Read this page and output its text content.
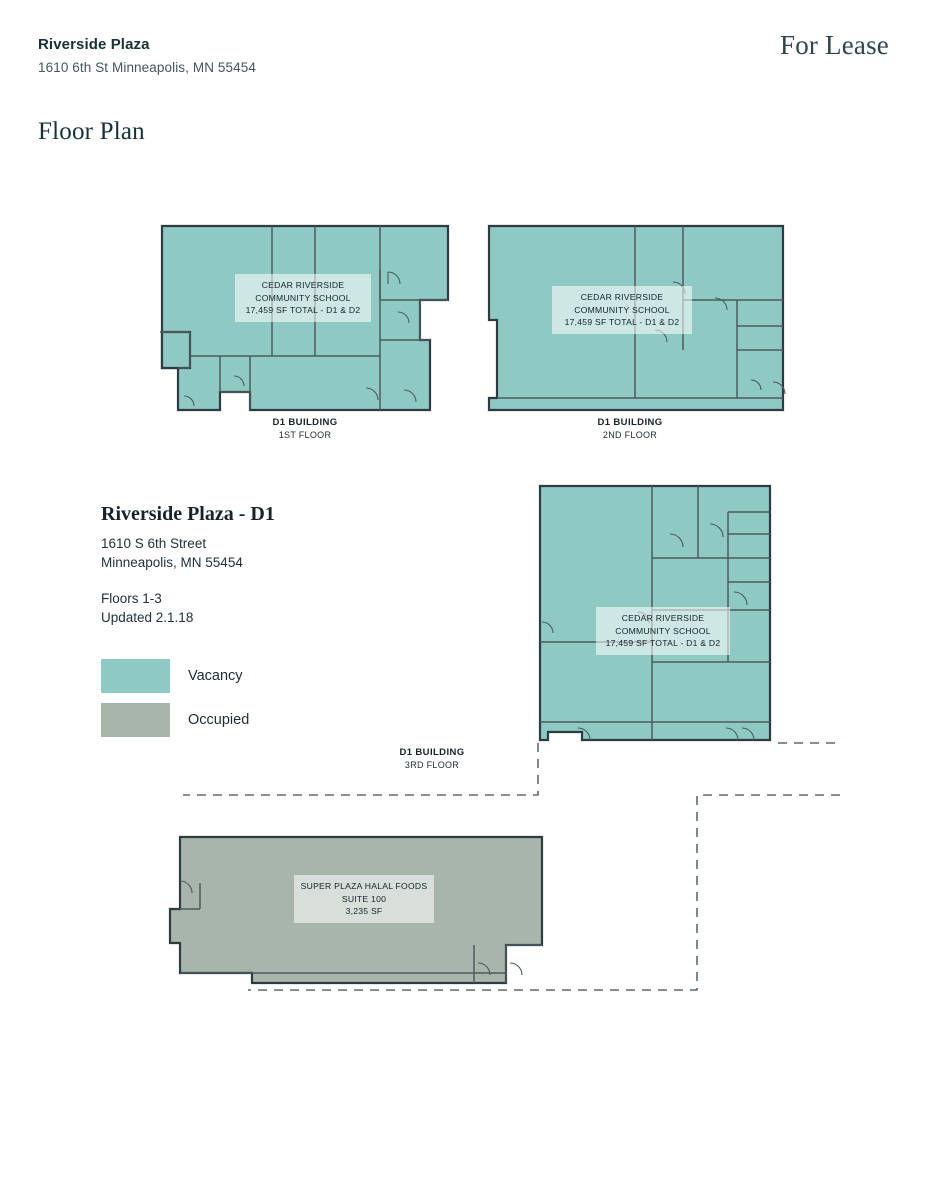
Riverside Plaza
1610 6th St Minneapolis, MN 55454
For Lease
Floor Plan
CEDAR RIVERSIDE
COMMUNITY SCHOOL
17,459 SF TOTAL - D1 & D2
D1 BUILDING
1ST FLOOR
CEDAR RIVERSIDE
COMMUNITY SCHOOL
17,459 SF TOTAL - D1 & D2
D1 BUILDING
2ND FLOOR
Riverside Plaza - D1
1610 S 6th Street
Minneapolis, MN 55454
Floors 1-3
Updated 2.1.18
Vacancy
Occupied
CEDAR RIVERSIDE
COMMUNITY SCHOOL
17,459 SF TOTAL - D1 & D2
D1 BUILDING
3RD FLOOR
SUPER PLAZA HALAL FOODS
SUITE 100
3,235 SF
